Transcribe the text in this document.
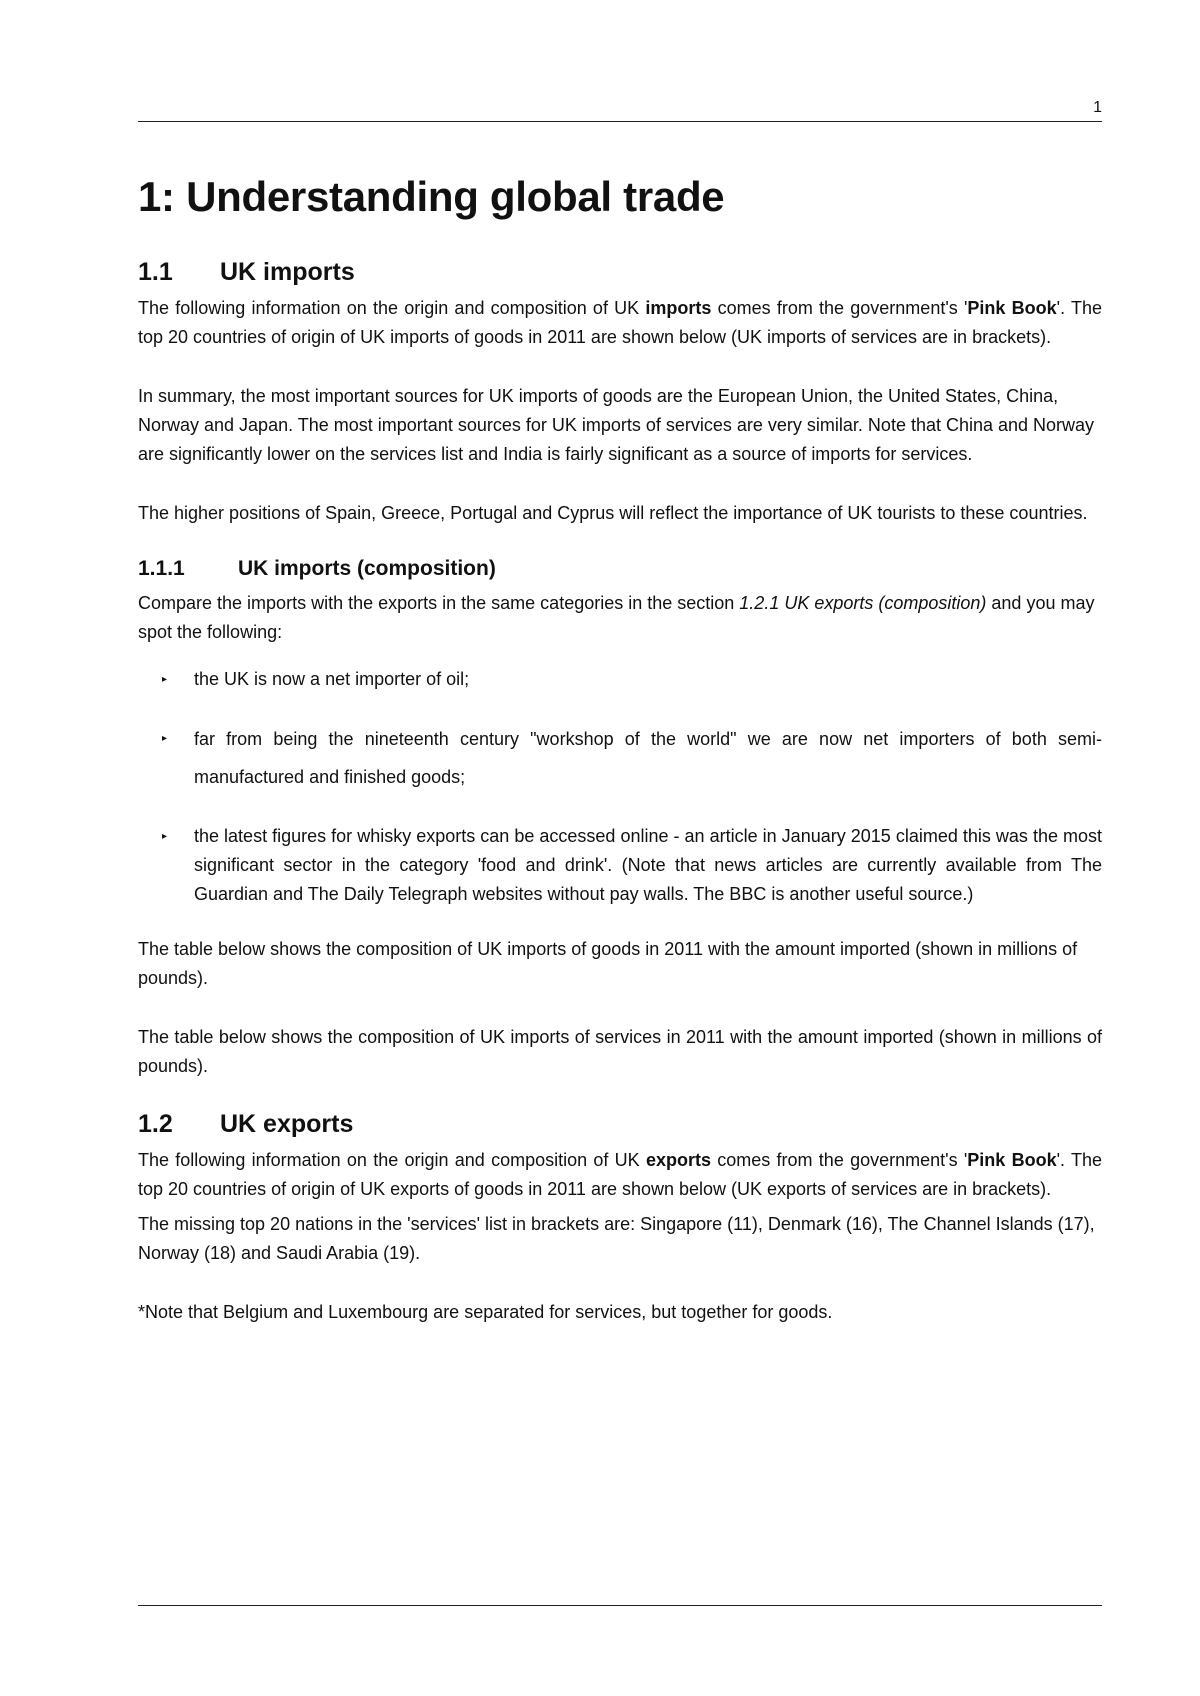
1
1: Understanding global trade
1.1	UK imports

The following information on the origin and composition of UK imports comes from the government's 'Pink Book'. The top 20 countries of origin of UK imports of goods in 2011 are shown below (UK imports of services are in brackets).

In summary, the most important sources for UK imports of goods are the European Union, the United States, China, Norway and Japan. The most important sources for UK imports of services are very similar. Note that China and Norway are significantly lower on the services list and India is fairly significant as a source of imports for services.

The higher positions of Spain, Greece, Portugal and Cyprus will reflect the importance of UK tourists to these countries.

1.1.1	UK imports (composition)

Compare the imports with the exports in the same categories in the section 1.2.1 UK exports (composition) and you may spot the following:

▸ the UK is now a net importer of oil;
▸ far from being the nineteenth century "workshop of the world" we are now net importers of both semi-manufactured and finished goods;
▸ the latest figures for whisky exports can be accessed online - an article in January 2015 claimed this was the most significant sector in the category 'food and drink'. (Note that news articles are currently available from The Guardian and The Daily Telegraph websites without pay walls. The BBC is another useful source.)

The table below shows the composition of UK imports of goods in 2011 with the amount imported (shown in millions of pounds).

The table below shows the composition of UK imports of services in 2011 with the amount imported (shown in millions of pounds).

1.2	UK exports

The following information on the origin and composition of UK exports comes from the government's 'Pink Book'. The top 20 countries of origin of UK exports of goods in 2011 are shown below (UK exports of services are in brackets).

The missing top 20 nations in the 'services' list in brackets are: Singapore (11), Denmark (16), The Channel Islands (17), Norway (18) and Saudi Arabia (19).

*Note that Belgium and Luxembourg are separated for services, but together for goods.
